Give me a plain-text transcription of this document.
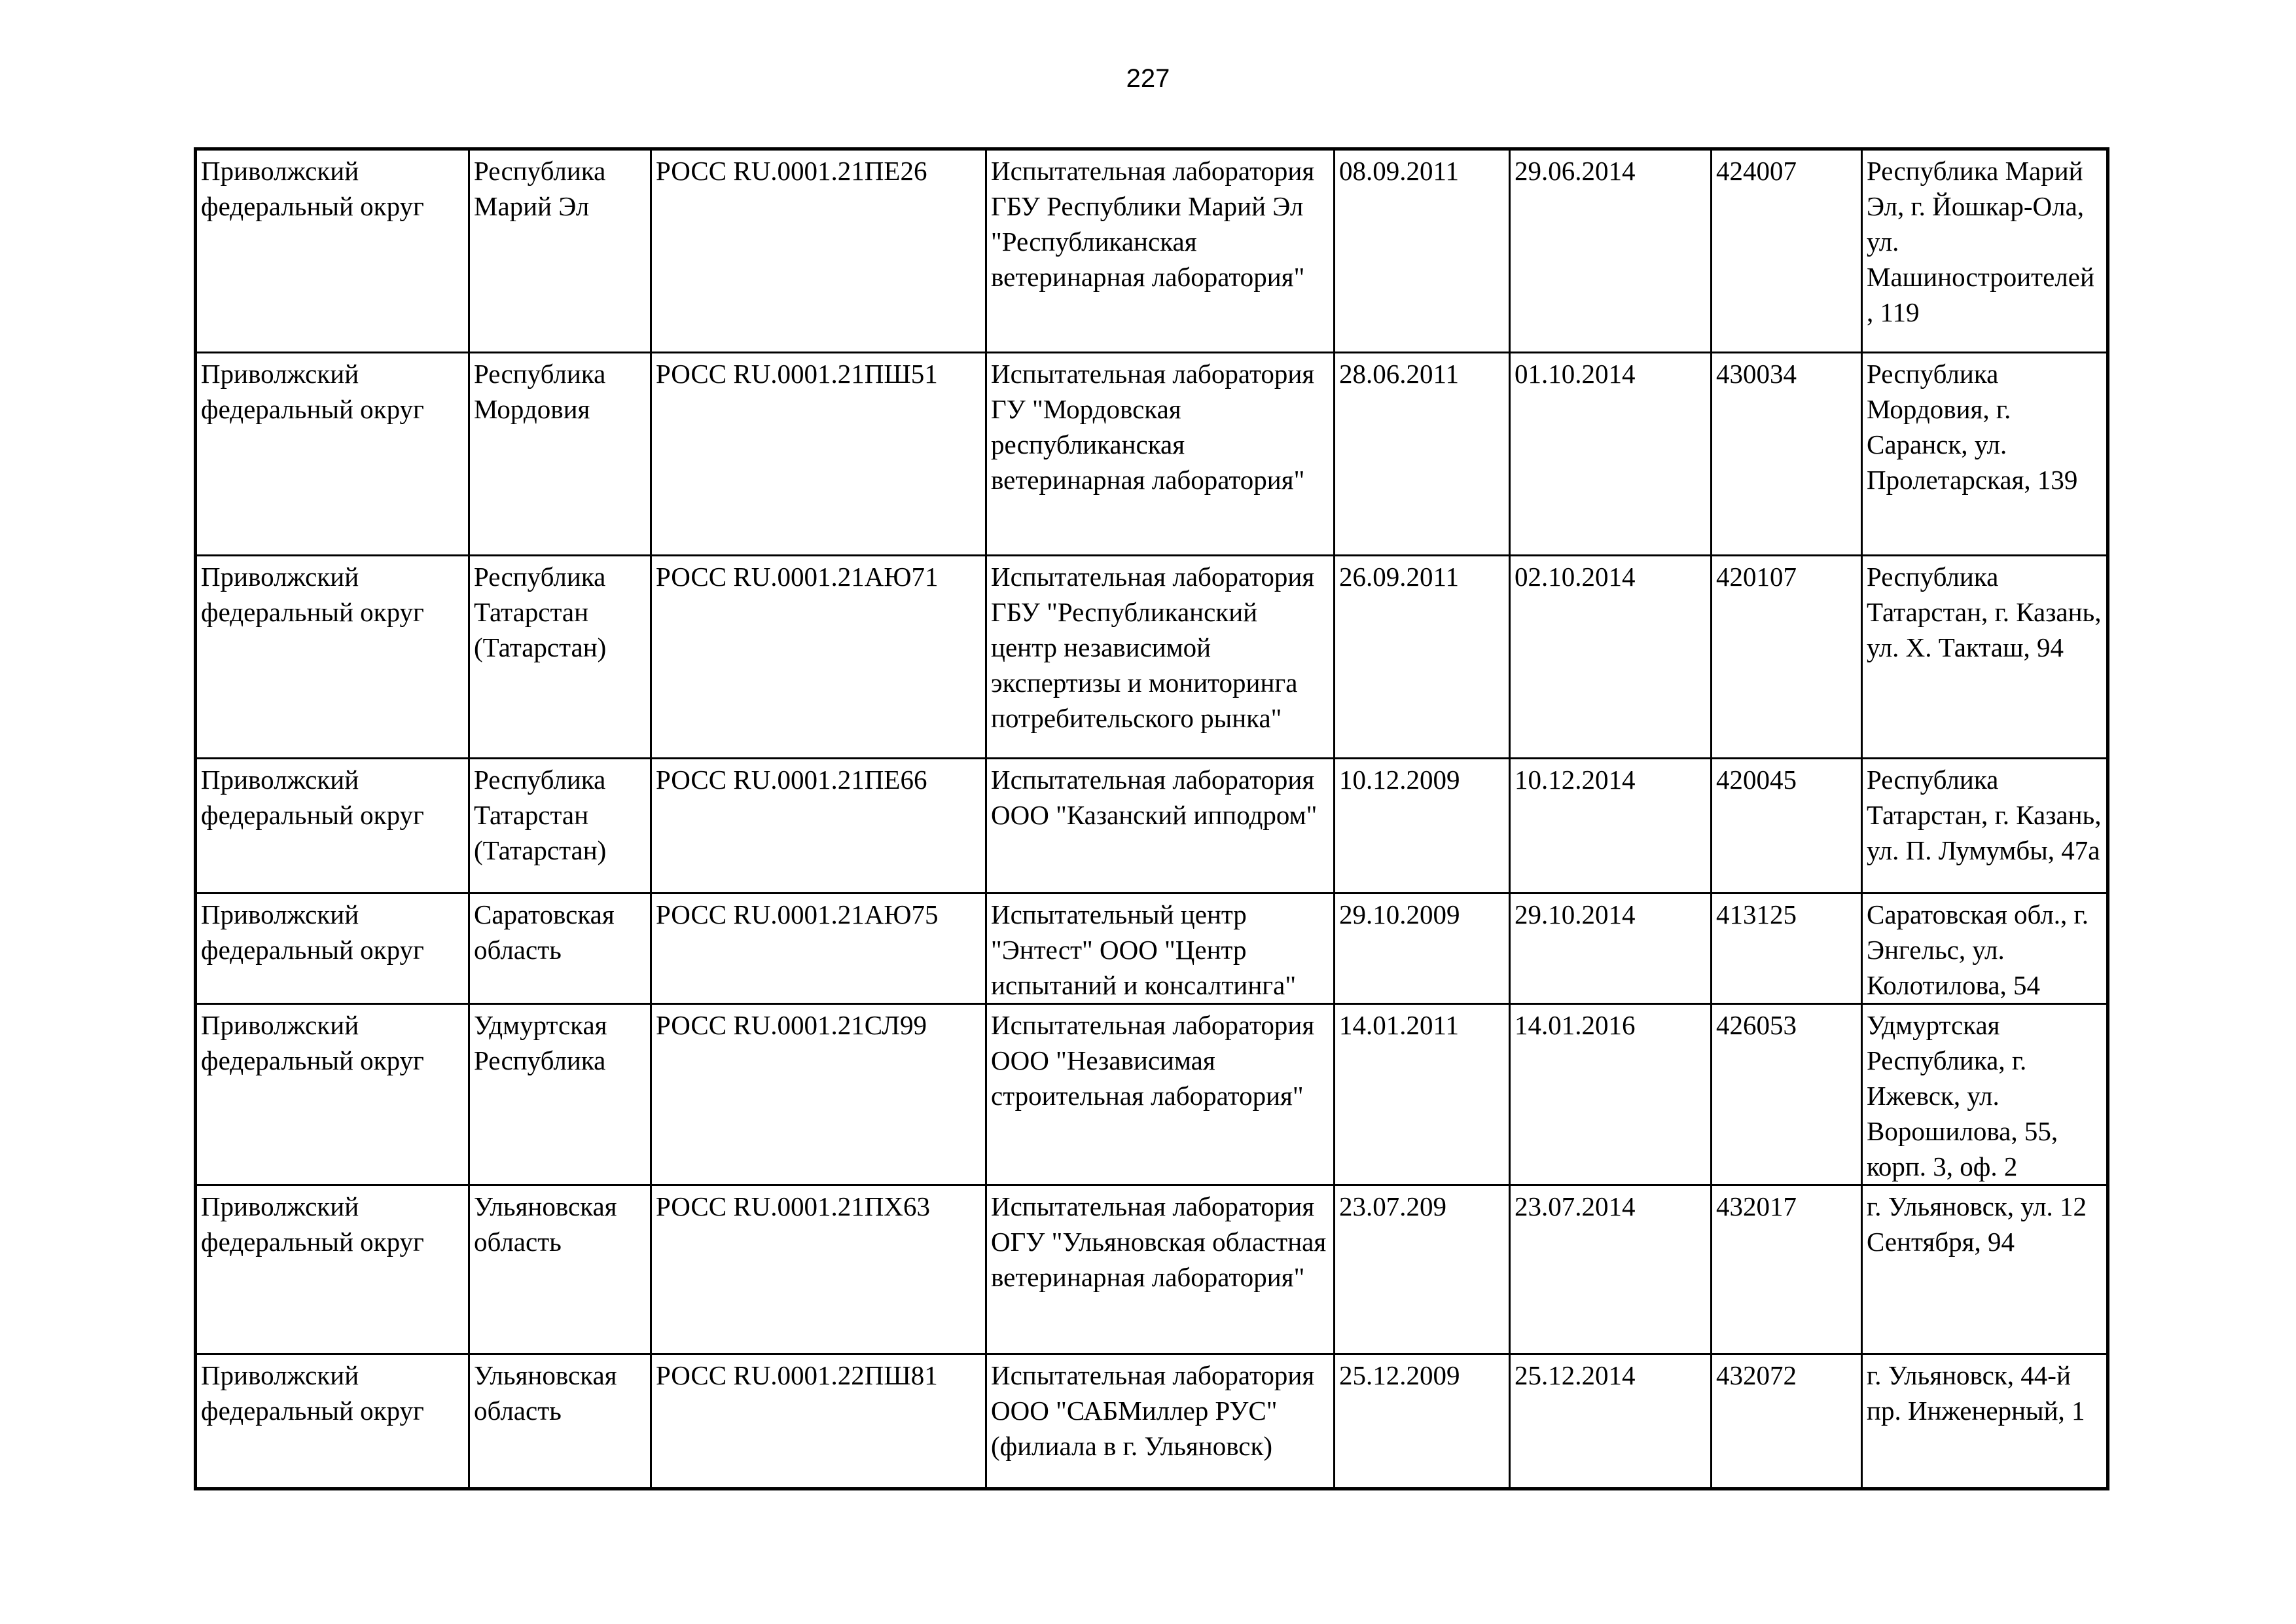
227
Приволжский федеральный округ	Республика Марий Эл	РОСС RU.0001.21ПЕ26	Испытательная лаборатория ГБУ Республики Марий Эл "Республиканская ветеринарная лаборатория"	08.09.2011	29.06.2014	424007	Республика Марий Эл, г. Йошкар-Ола, ул. Машиностроителей , 119
Приволжский федеральный округ	Республика Мордовия	РОСС RU.0001.21ПШ51	Испытательная лаборатория ГУ "Мордовская республиканская ветеринарная лаборатория"	28.06.2011	01.10.2014	430034	Республика Мордовия, г. Саранск, ул. Пролетарская, 139
Приволжский федеральный округ	Республика Татарстан (Татарстан)	РОСС RU.0001.21АЮ71	Испытательная лаборатория ГБУ "Республиканский центр независимой экспертизы и мониторинга потребительского рынка"	26.09.2011	02.10.2014	420107	Республика Татарстан, г. Казань, ул. Х. Такташ, 94
Приволжский федеральный округ	Республика Татарстан (Татарстан)	РОСС RU.0001.21ПЕ66	Испытательная лаборатория ООО "Казанский ипподром"	10.12.2009	10.12.2014	420045	Республика Татарстан, г. Казань, ул. П. Лумумбы, 47а
Приволжский федеральный округ	Саратовская область	РОСС RU.0001.21АЮ75	Испытательный центр "Энтест" ООО "Центр испытаний и консалтинга"	29.10.2009	29.10.2014	413125	Саратовская обл., г. Энгельс, ул. Колотилова, 54
Приволжский федеральный округ	Удмуртская Республика	РОСС RU.0001.21СЛ99	Испытательная лаборатория ООО "Независимая строительная лаборатория"	14.01.2011	14.01.2016	426053	Удмуртская Республика, г. Ижевск, ул. Ворошилова, 55, корп. 3, оф. 2
Приволжский федеральный округ	Ульяновская область	РОСС RU.0001.21ПХ63	Испытательная лаборатория ОГУ "Ульяновская областная ветеринарная лаборатория"	23.07.209	23.07.2014	432017	г. Ульяновск, ул. 12 Сентября, 94
Приволжский федеральный округ	Ульяновская область	РОСС RU.0001.22ПШ81	Испытательная лаборатория ООО "САБМиллер РУС" (филиала в г. Ульяновск)	25.12.2009	25.12.2014	432072	г. Ульяновск, 44-й пр. Инженерный, 1
